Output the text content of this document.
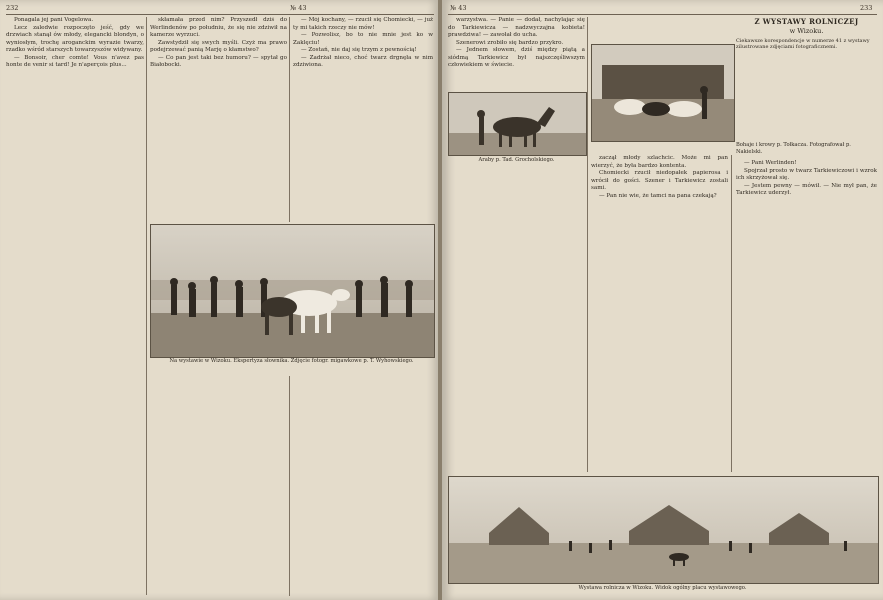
232	№ 43

Ponagala jej pani Vogelowa.

Lecz zaledwie rozpoczęto jeść, gdy we drzwiach stanął ów młody, elegancki blondyn, o wyniosłym, trochę aroganckim wyrazie twarzy, rzadko wśród starszych towarzyszów widywany.

— Bonsoir, cher comte! Vous n'avez pas honte de venir si tard! Je n'aperçois plus...

skłamała przed nim? Przyszedł dziś do Werlindenów po południu, że się nie zdziwił na kamerze wyrzuci.

Zawstydził się swych myśli. Czyż ma prawo podejrzewać panią Marję o kłamstwo?

— Co pan jest taki bez humoru? — spytał go Białobocki.

— Mój kochany, — rzucił się Chomiecki, — już ty mi takich rzeczy nie mów!

— Pozwolisz, bo to nie mnie jest ko w Zaklęciu!

— Zostań, nie daj się trzym z pewnością!

— Zadrżał nieco, choć twarz drgnęła w nim zdziwiona.

Na wystawie w Wizoku. Ekspertyza słownika. Zdjęcie fotogr. migawkowe p. T. Wyhowskiego.
№ 43	233

warzystwa. — Panie — dodał, nachylając się do Tarkiewicza — nadzwyczajna kobieta! prawdziwa! — zawołał do ucha.

Szenerowi zrobiło się bardzo przykro.

— Jednem słowem, dziś między piątą a siódmą Tarkiewicz był najszczęśliwszym człowiekiem w świecie.

Araby p. Tad. Grocholskiego.	zaczął młody szlachcic. Może mi pan wierzyć, że była bardzo kontenta.

Chomiecki rzucił niedopałek papierosa i wrócił do gości. Szener i Tarkiewicz zostali sami.

— Pan nie wie, że tamci na pana czekają?

Z WYSTAWY ROLNICZEJ
w Wizoku.
Ciekawsze korespondencje w numerze 41 z wystawy zilustrowane zdjęciami fotograficznemi.
Bohaje i krowy p. Tołkacza. Fotografował p. Nakielski.

— Pani Werlinden!

Spojrzał prosto w twarz Tarkiewiczowi i wzrok ich skrzyżował się.

— Jestem pewny — mówił. — Nie mył pan, że Tarkiewicz uderzył.

Wystawa rolnicza w Wizoku. Widok ogólny placu wystawowego.
